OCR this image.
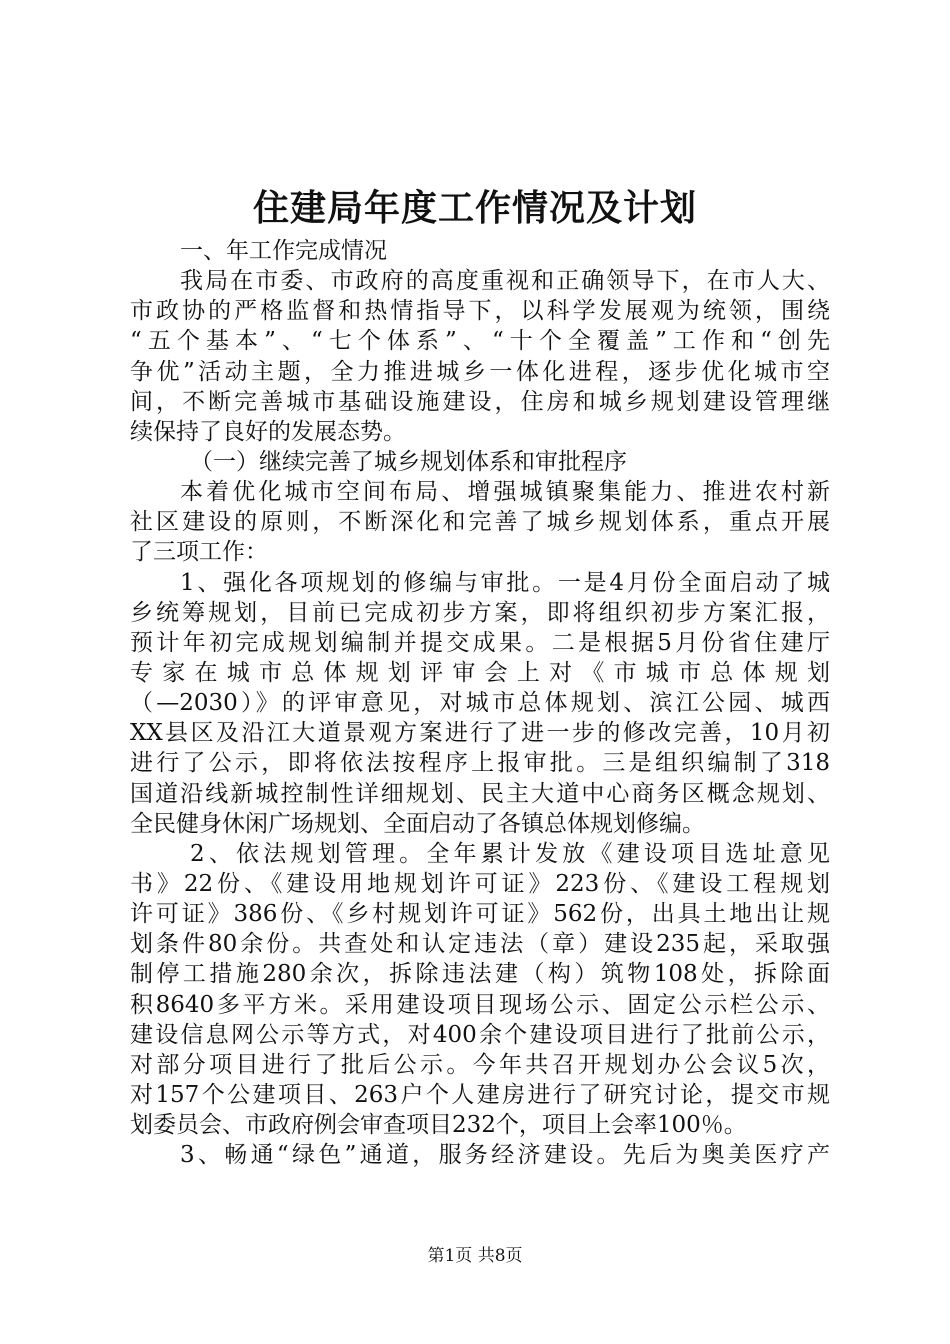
住建局年度工作情况及计划
一、年工作完成情况
我局在市委、市政府的高度重视和正确领导下，在市人大、
市政协的严格监督和热情指导下，以科学发展观为统领，围绕
“五个基本”、“七个体系”、“十个全覆盖”工作和“创先
争优”活动主题，全力推进城乡一体化进程，逐步优化城市空
间，不断完善城市基础设施建设，住房和城乡规划建设管理继
续保持了良好的发展态势。
（一）继续完善了城乡规划体系和审批程序
本着优化城市空间布局、增强城镇聚集能力、推进农村新
社区建设的原则，不断深化和完善了城乡规划体系，重点开展
了三项工作：
1、强化各项规划的修编与审批。一是4月份全面启动了城
乡统筹规划，目前已完成初步方案，即将组织初步方案汇报，
预计年初完成规划编制并提交成果。二是根据5月份省住建厅
专家在城市总体规划评审会上对《市城市总体规划
（—2030）》的评审意见，对城市总体规划、滨江公园、城西
XX县区及沿江大道景观方案进行了进一步的修改完善，10月初
进行了公示，即将依法按程序上报审批。三是组织编制了318
国道沿线新城控制性详细规划、民主大道中心商务区概念规划、
全民健身休闲广场规划、全面启动了各镇总体规划修编。
2、依法规划管理。全年累计发放《建设项目选址意见
书》22份、《建设用地规划许可证》223份、《建设工程规划
许可证》386份、《乡村规划许可证》562份，出具土地出让规
划条件80余份。共查处和认定违法（章）建设235起，采取强
制停工措施280余次，拆除违法建（构）筑物108处，拆除面
积8640多平方米。采用建设项目现场公示、固定公示栏公示、
建设信息网公示等方式，对400余个建设项目进行了批前公示，
对部分项目进行了批后公示。今年共召开规划办公会议5次，
对157个公建项目、263户个人建房进行了研究讨论，提交市规
划委员会、市政府例会审查项目232个，项目上会率100％。
3、畅通“绿色”通道，服务经济建设。先后为奥美医疗产
第1页 共8页
